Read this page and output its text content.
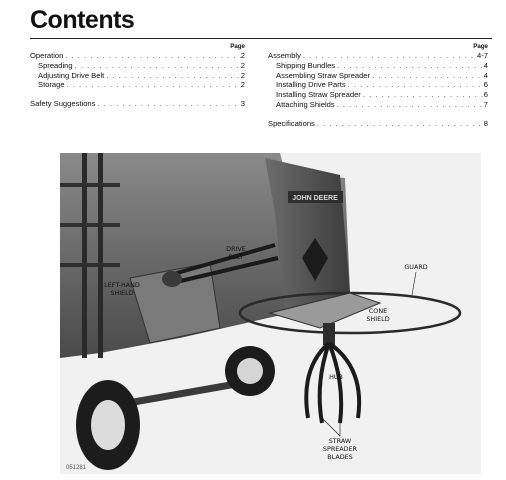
Contents
Page
Operation . . .	2
Spreading . . .	2
Adjusting Drive Belt . . .	2
Storage . . .	2
Safety Suggestions . . .	3
Page
Assembly . . .	4-7
Shipping Bundles . . .	4
Assembling Straw Spreader . . .	4
Installing Drive Parts . . .	6
Installing Straw Spreader . . .	6
Attaching Shields . . .	7
Specifications . . .	8
JOHN DEERE
DRIVE
BELT
LEFT-HAND
SHIELD
GUARD
CONE
SHIELD
HUB
STRAW
SPREADER
BLADES
051281
